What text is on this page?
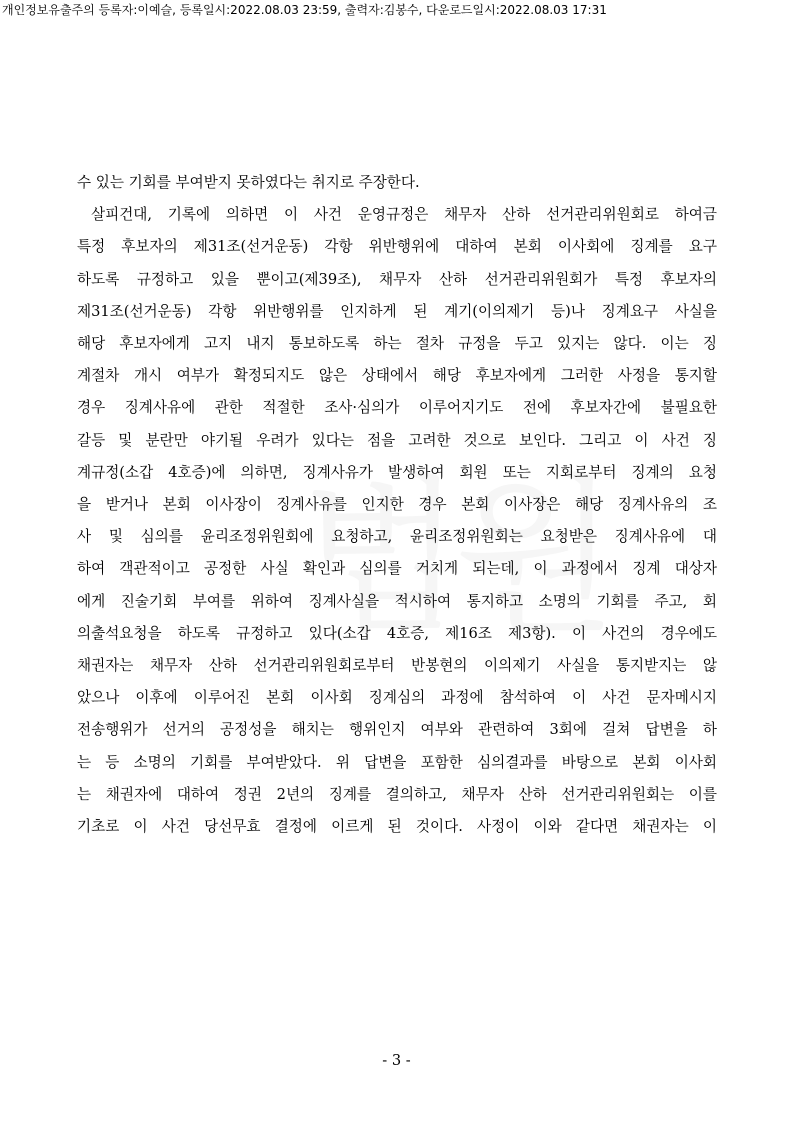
개인정보유출주의 등록자:이예슬, 등록일시:2022.08.03 23:59, 출력자:김봉수, 다운로드일시:2022.08.03 17:31
수 있는 기회를 부여받지 못하였다는 취지로 주장한다.
살피건대, 기록에 의하면 이 사건 운영규정은 채무자 산하 선거관리위원회로 하여금
특정 후보자의 제31조(선거운동) 각항 위반행위에 대하여 본회 이사회에 징계를 요구
하도록 규정하고 있을 뿐이고(제39조), 채무자 산하 선거관리위원회가 특정 후보자의
제31조(선거운동) 각항 위반행위를 인지하게 된 계기(이의제기 등)나 징계요구 사실을
해당 후보자에게 고지 내지 통보하도록 하는 절차 규정을 두고 있지는 않다. 이는 징
계절차 개시 여부가 확정되지도 않은 상태에서 해당 후보자에게 그러한 사정을 통지할
경우 징계사유에 관한 적절한 조사·심의가 이루어지기도 전에 후보자간에 불필요한
갈등 및 분란만 야기될 우려가 있다는 점을 고려한 것으로 보인다. 그리고 이 사건 징
계규정(소갑 4호증)에 의하면, 징계사유가 발생하여 회원 또는 지회로부터 징계의 요청
을 받거나 본회 이사장이 징계사유를 인지한 경우 본회 이사장은 해당 징계사유의 조
사 및 심의를 윤리조정위원회에 요청하고, 윤리조정위원회는 요청받은 징계사유에 대
하여 객관적이고 공정한 사실 확인과 심의를 거치게 되는데, 이 과정에서 징계 대상자
에게 진술기회 부여를 위하여 징계사실을 적시하여 통지하고 소명의 기회를 주고, 회
의출석요청을 하도록 규정하고 있다(소갑 4호증, 제16조 제3항). 이 사건의 경우에도
채권자는 채무자 산하 선거관리위원회로부터 반봉현의 이의제기 사실을 통지받지는 않
았으나 이후에 이루어진 본회 이사회 징계심의 과정에 참석하여 이 사건 문자메시지
전송행위가 선거의 공정성을 해치는 행위인지 여부와 관련하여 3회에 걸쳐 답변을 하
는 등 소명의 기회를 부여받았다. 위 답변을 포함한 심의결과를 바탕으로 본회 이사회
는 채권자에 대하여 정권 2년의 징계를 결의하고, 채무자 산하 선거관리위원회는 이를
기초로 이 사건 당선무효 결정에 이르게 된 것이다. 사정이 이와 같다면 채권자는 이
- 3 -
